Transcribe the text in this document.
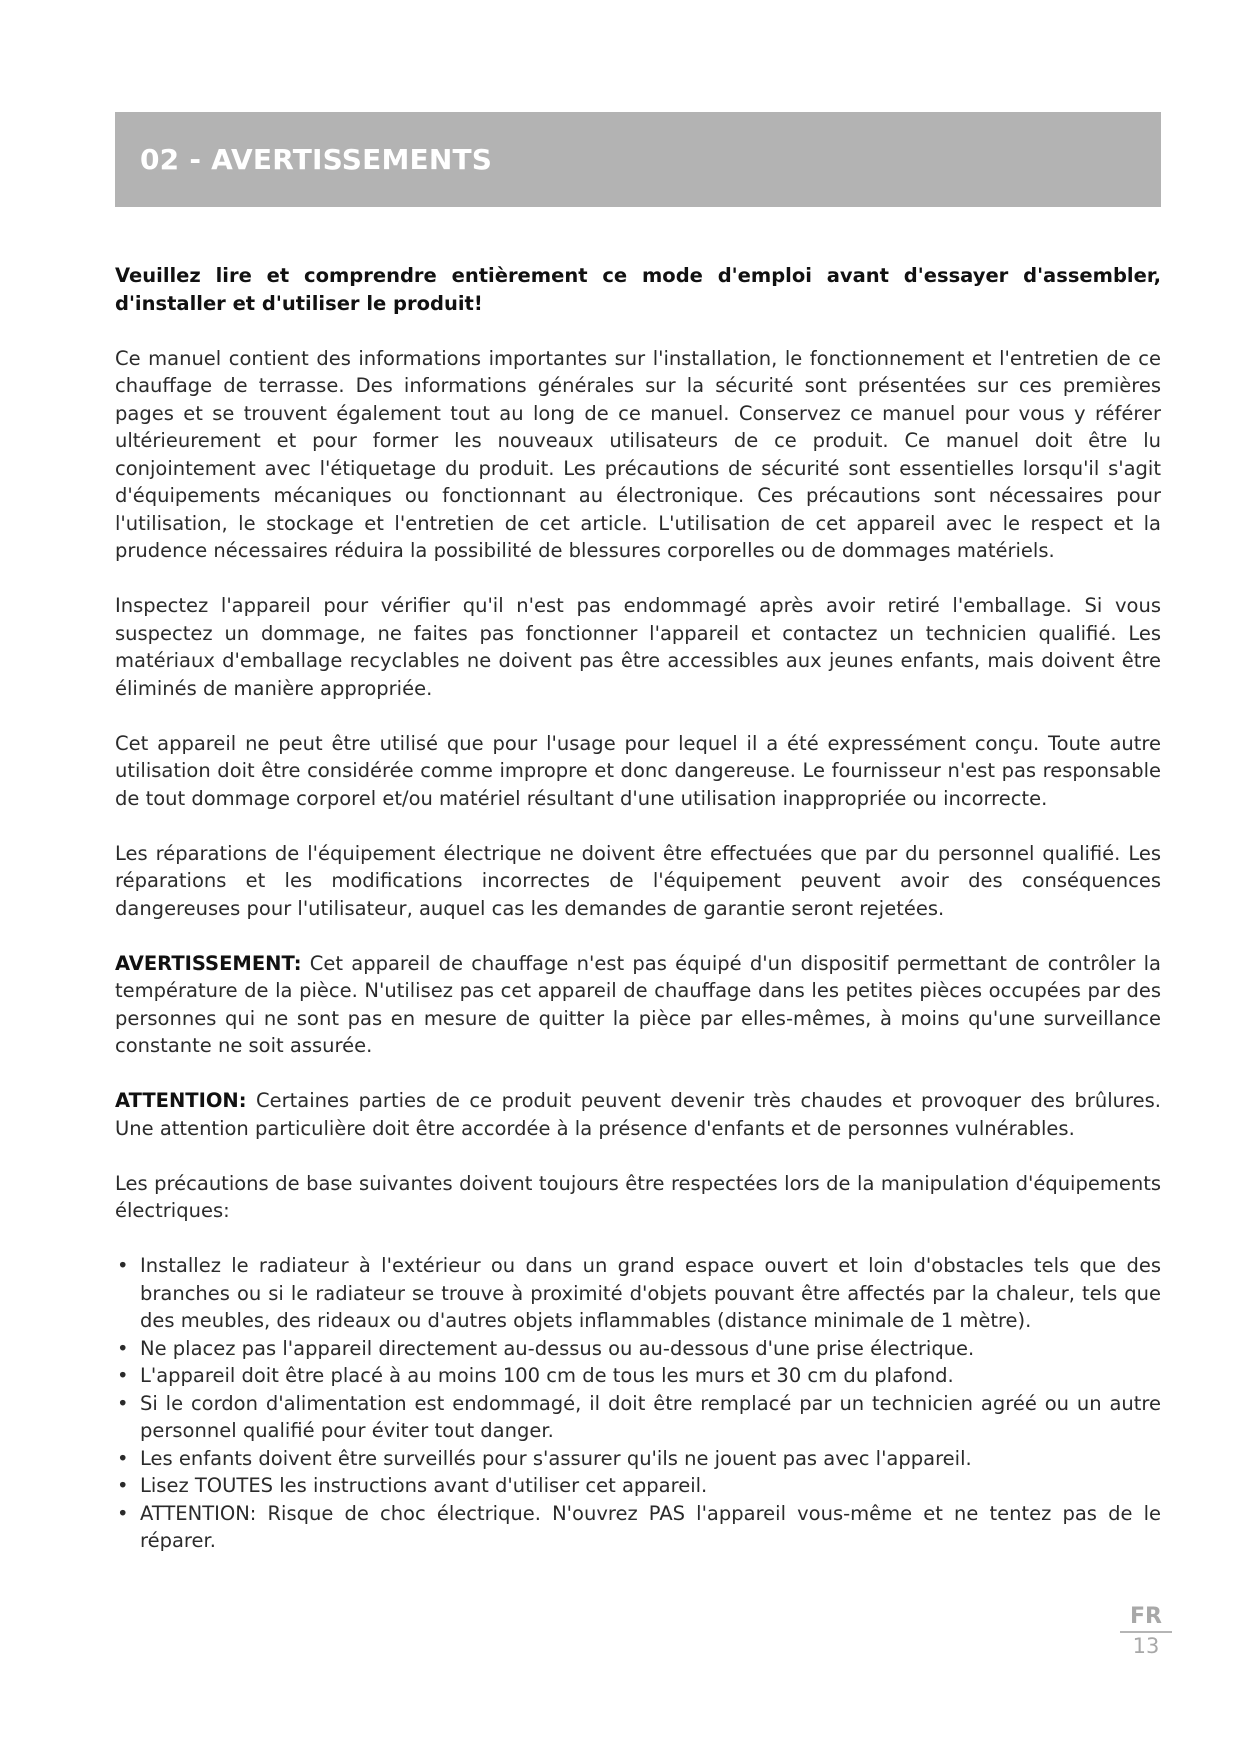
02 - AVERTISSEMENTS

Veuillez lire et comprendre entièrement ce mode d'emploi avant d'essayer d'assembler, d'installer et d'utiliser le produit!

Ce manuel contient des informations importantes sur l'installation, le fonctionnement et l'entretien de ce chauffage de terrasse. Des informations générales sur la sécurité sont présentées sur ces premières pages et se trouvent également tout au long de ce manuel. Conservez ce manuel pour vous y référer ultérieurement et pour former les nouveaux utilisateurs de ce produit. Ce manuel doit être lu conjointement avec l'étiquetage du produit. Les précautions de sécurité sont essentielles lorsqu'il s'agit d'équipements mécaniques ou fonctionnant au électronique. Ces précautions sont nécessaires pour l'utilisation, le stockage et l'entretien de cet article. L'utilisation de cet appareil avec le respect et la prudence nécessaires réduira la possibilité de blessures corporelles ou de dommages matériels.

Inspectez l'appareil pour vérifier qu'il n'est pas endommagé après avoir retiré l'emballage. Si vous suspectez un dommage, ne faites pas fonctionner l'appareil et contactez un technicien qualifié. Les matériaux d'emballage recyclables ne doivent pas être accessibles aux jeunes enfants, mais doivent être éliminés de manière appropriée.

Cet appareil ne peut être utilisé que pour l'usage pour lequel il a été expressément conçu. Toute autre utilisation doit être considérée comme impropre et donc dangereuse. Le fournisseur n'est pas responsable de tout dommage corporel et/ou matériel résultant d'une utilisation inappropriée ou incorrecte.

Les réparations de l'équipement électrique ne doivent être effectuées que par du personnel qualifié. Les réparations et les modifications incorrectes de l'équipement peuvent avoir des conséquences dangereuses pour l'utilisateur, auquel cas les demandes de garantie seront rejetées.

AVERTISSEMENT: Cet appareil de chauffage n'est pas équipé d'un dispositif permettant de contrôler la température de la pièce. N'utilisez pas cet appareil de chauffage dans les petites pièces occupées par des personnes qui ne sont pas en mesure de quitter la pièce par elles-mêmes, à moins qu'une surveillance constante ne soit assurée.

ATTENTION: Certaines parties de ce produit peuvent devenir très chaudes et provoquer des brûlures. Une attention particulière doit être accordée à la présence d'enfants et de personnes vulnérables.

Les précautions de base suivantes doivent toujours être respectées lors de la manipulation d'équipements électriques:

• Installez le radiateur à l'extérieur ou dans un grand espace ouvert et loin d'obstacles tels que des branches ou si le radiateur se trouve à proximité d'objets pouvant être affectés par la chaleur, tels que des meubles, des rideaux ou d'autres objets inflammables (distance minimale de 1 mètre).
• Ne placez pas l'appareil directement au-dessus ou au-dessous d'une prise électrique.
• L'appareil doit être placé à au moins 100 cm de tous les murs et 30 cm du plafond.
• Si le cordon d'alimentation est endommagé, il doit être remplacé par un technicien agréé ou un autre personnel qualifié pour éviter tout danger.
• Les enfants doivent être surveillés pour s'assurer qu'ils ne jouent pas avec l'appareil.
• Lisez TOUTES les instructions avant d'utiliser cet appareil.
• ATTENTION: Risque de choc électrique. N'ouvrez PAS l'appareil vous-même et ne tentez pas de le réparer.
FR
13
